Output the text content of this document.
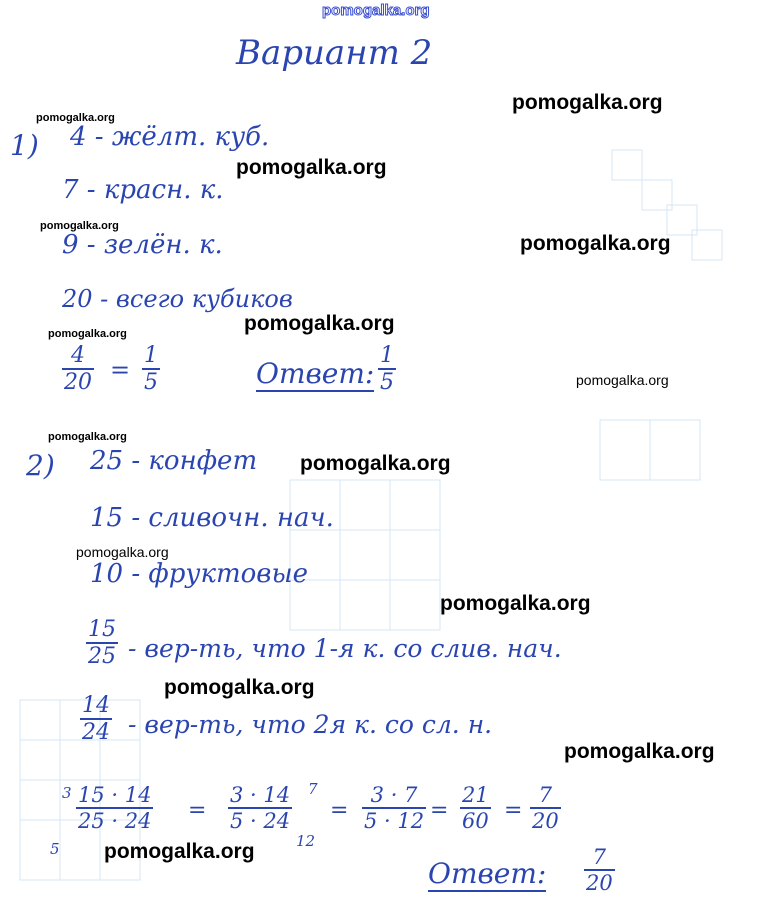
pomogalka.org
pomogalka.org
pomogalka.org
pomogalka.org
pomogalka.org
pomogalka.org
pomogalka.org
pomogalka.org
pomogalka.org
pomogalka.org
pomogalka.org
pomogalka.org
pomogalka.org
pomogalka.org
pomogalka.org
pomogalka.org
Вариант 2
1) 4 - жёлт. куб.
7 - красн. к.
9 - зелён. к.
20 - всего кубиков
4
20 =
1
5	Ответ:
1
5
2) 25 - конфет
15 - сливочн. нач.
10 - фруктовые
15
25 - вер-ть, что 1-я к. со слив. нач.
14
24 - вер-ть, что 2я к. со сл. н.
3
5
15 · 14
25 · 24 =
3 · 14
5 · 24
7
12
=
3 · 7
5 · 12 =
21
60 =
7
20
Ответ: 7
20
